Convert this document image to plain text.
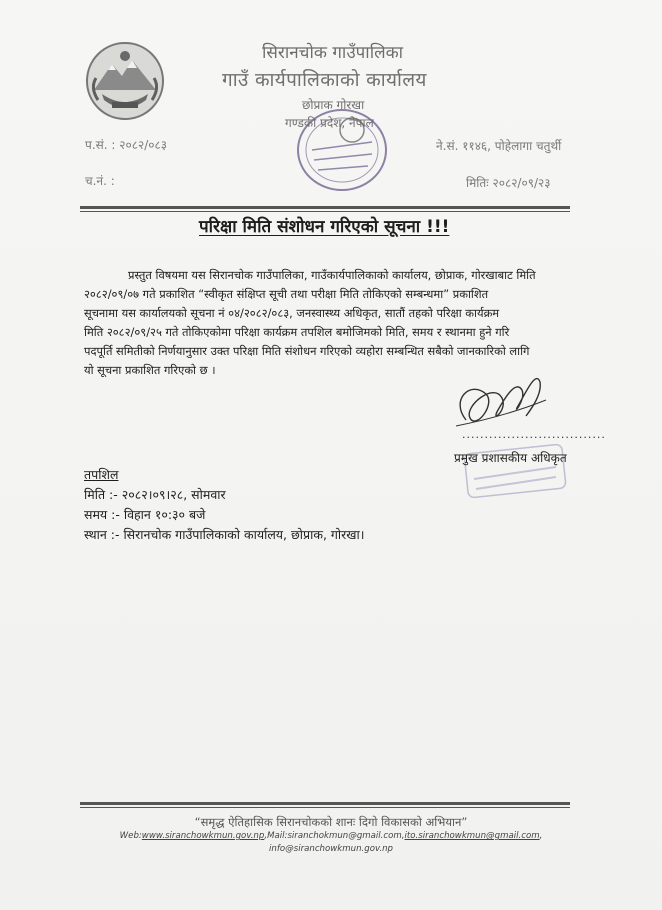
सिरानचोक गाउँपालिका
गाउँ कार्यपालिकाको कार्यालय
छोप्राक गोरखा
गण्डकी प्रदेश, नेपाल
प.सं. : २०८२/०८३
च.नं. :
ने.सं. ११४६, पोहेलागा चतुर्थी
मितिः २०८२/०९/२३
परिक्षा मिति संशोधन गरिएको सूचना !!!

प्रस्तुत विषयमा यस सिरानचोक गाउँपालिका, गाउँकार्यपालिकाको कार्यालय, छोप्राक, गोरखाबाट मिति

२०८२/०९/०७ गते प्रकाशित “स्वीकृत संक्षिप्त सूची तथा परीक्षा मिति तोकिएको सम्बन्धमा” प्रकाशित

सूचनामा यस कार्यालयको सूचना नं ०४/२०८२/०८३, जनस्वास्थ्य अधिकृत, सातौं तहको परिक्षा कार्यक्रम

मिति २०८२/०९/२५ गते तोकिएकोमा परिक्षा कार्यक्रम तपशिल बमोजिमको मिति, समय र स्थानमा हुने गरि

पदपूर्ति समितीको निर्णयानुसार उक्त परिक्षा मिति संशोधन गरिएको व्यहोरा सम्बन्धित सबैको जानकारिको लागि

यो सूचना प्रकाशित गरिएको छ ।

................................
प्रमुख प्रशासकीय अधिकृत
तपशिल
मिति :- २०८२।०९।२८, सोमवार
समय :- विहान १०:३० बजे
स्थान :- सिरानचोक गाउँपालिकाको कार्यालय, छोप्राक, गोरखा।
“समृद्ध ऐतिहासिक सिरानचोकको शानः दिगो विकासको अभियान”
Web:www.siranchowkmun.gov.np,Mail:siranchokmun@gmail.com,ito.siranchowkmun@gmail.com,
info@siranchowkmun.gov.np
